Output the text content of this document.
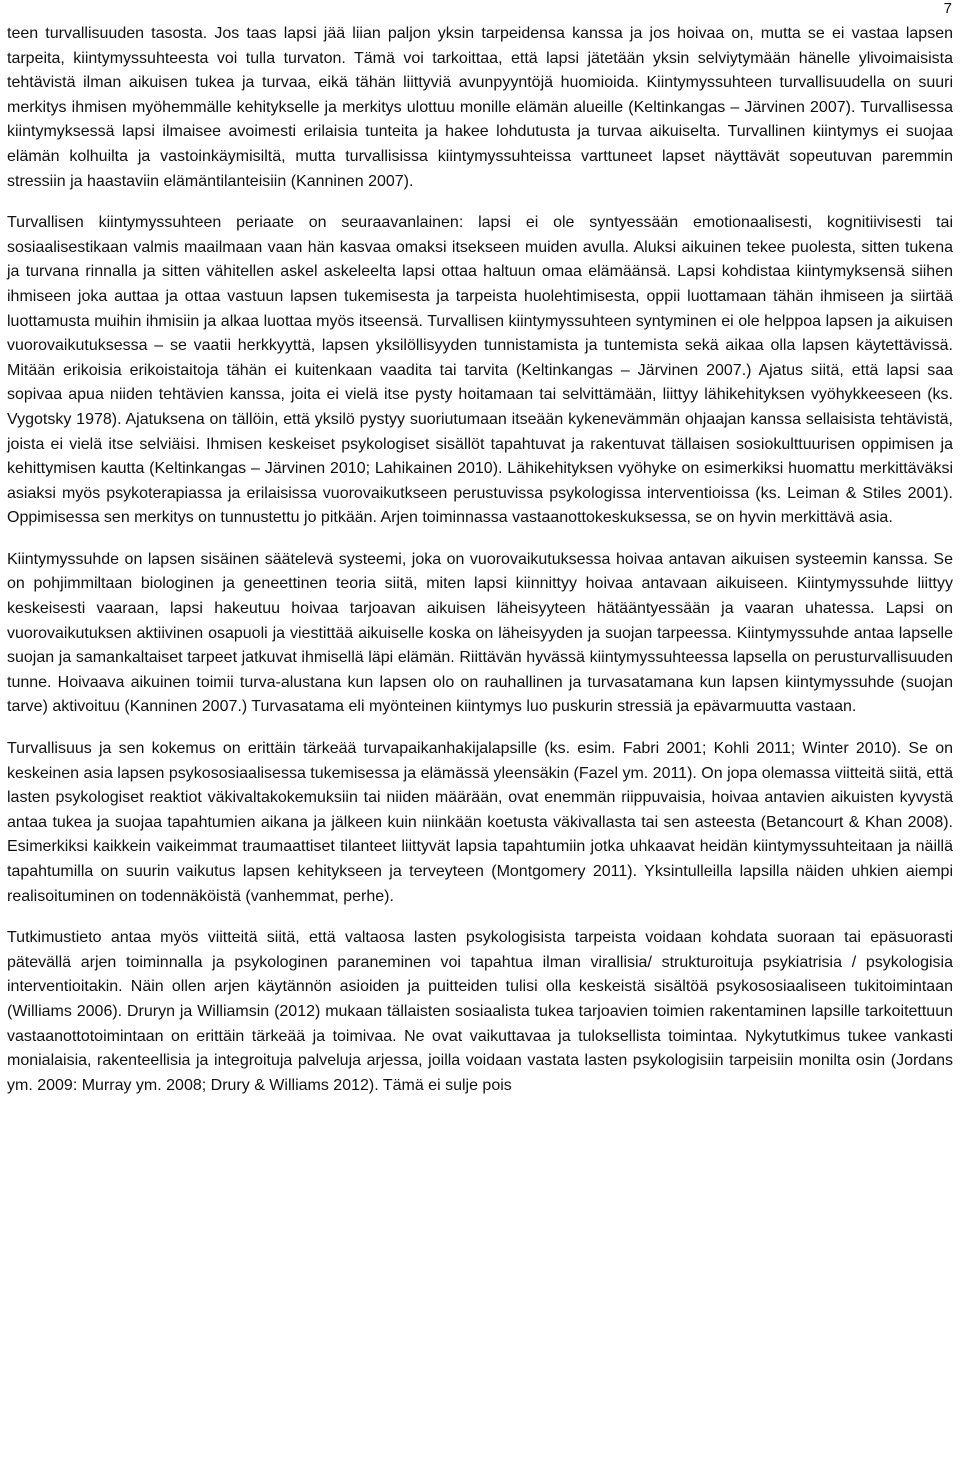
7

teen turvallisuuden tasosta. Jos taas lapsi jää liian paljon yksin tarpeidensa kanssa ja jos hoivaa on, mutta se ei vastaa lapsen tarpeita, kiintymyssuhteesta voi tulla turvaton. Tämä voi tarkoittaa, että lapsi jätetään yksin selviytymään hänelle ylivoimaisista tehtävistä ilman aikuisen tukea ja turvaa, eikä tähän liittyviä avunpyyntöjä huomioida. Kiintymyssuhteen turvallisuudella on suuri merkitys ihmisen myöhemmälle kehitykselle ja merkitys ulottuu monille elämän alueille (Keltinkangas – Järvinen 2007). Turvallisessa kiintymyksessä lapsi ilmaisee avoimesti erilaisia tunteita ja hakee lohdutusta ja turvaa aikuiselta. Turvallinen kiintymys ei suojaa elämän kolhuilta ja vastoinkäymisiltä, mutta turvallisissa kiintymyssuhteissa varttuneet lapset näyttävät sopeutuvan paremmin stressiin ja haastaviin elämäntilanteisiin (Kanninen 2007).

Turvallisen kiintymyssuhteen periaate on seuraavanlainen: lapsi ei ole syntyessään emotionaalisesti, kognitiivisesti tai sosiaalisestikaan valmis maailmaan vaan hän kasvaa omaksi itsekseen muiden avulla. Aluksi aikuinen tekee puolesta, sitten tukena ja turvana rinnalla ja sitten vähitellen askel askeleelta lapsi ottaa haltuun omaa elämäänsä. Lapsi kohdistaa kiintymyksensä siihen ihmiseen joka auttaa ja ottaa vastuun lapsen tukemisesta ja tarpeista huolehtimisesta, oppii luottamaan tähän ihmiseen ja siirtää luottamusta muihin ihmisiin ja alkaa luottaa myös itseensä. Turvallisen kiintymyssuhteen syntyminen ei ole helppoa lapsen ja aikuisen vuorovaikutuksessa – se vaatii herkkyyttä, lapsen yksilöllisyyden tunnistamista ja tuntemista sekä aikaa olla lapsen käytettävissä. Mitään erikoisia erikoistaitoja tähän ei kuitenkaan vaadita tai tarvita (Keltinkangas – Järvinen 2007.) Ajatus siitä, että lapsi saa sopivaa apua niiden tehtävien kanssa, joita ei vielä itse pysty hoitamaan tai selvittämään, liittyy lähikehityksen vyöhykkeeseen (ks. Vygotsky 1978). Ajatuksena on tällöin, että yksilö pystyy suoriutumaan itseään kykenevämmän ohjaajan kanssa sellaisista tehtävistä, joista ei vielä itse selviäisi. Ihmisen keskeiset psykologiset sisällöt tapahtuvat ja rakentuvat tällaisen sosiokulttuurisen oppimisen ja kehittymisen kautta (Keltinkangas – Järvinen 2010; Lahikainen 2010). Lähikehityksen vyöhyke on esimerkiksi huomattu merkittäväksi asiaksi myös psykoterapiassa ja erilaisissa vuorovaikutkseen perustuvissa psykologissa interventioissa (ks. Leiman & Stiles 2001). Oppimisessa sen merkitys on tunnustettu jo pitkään. Arjen toiminnassa vastaanottokeskuksessa, se on hyvin merkittävä asia.

Kiintymyssuhde on lapsen sisäinen säätelevä systeemi, joka on vuorovaikutuksessa hoivaa antavan aikuisen systeemin kanssa. Se on pohjimmiltaan biologinen ja geneettinen teoria siitä, miten lapsi kiinnittyy hoivaa antavaan aikuiseen. Kiintymyssuhde liittyy keskeisesti vaaraan, lapsi hakeutuu hoivaa tarjoavan aikuisen läheisyyteen hätääntyessään ja vaaran uhatessa. Lapsi on vuorovaikutuksen aktiivinen osapuoli ja viestittää aikuiselle koska on läheisyyden ja suojan tarpeessa. Kiintymyssuhde antaa lapselle suojan ja samankaltaiset tarpeet jatkuvat ihmisellä läpi elämän. Riittävän hyvässä kiintymyssuhteessa lapsella on perusturvallisuuden tunne. Hoivaava aikuinen toimii turva-alustana kun lapsen olo on rauhallinen ja turvasatamana kun lapsen kiintymyssuhde (suojan tarve) aktivoituu (Kanninen 2007.) Turvasatama eli myönteinen kiintymys luo puskurin stressiä ja epävarmuutta vastaan.

Turvallisuus ja sen kokemus on erittäin tärkeää turvapaikanhakijalapsille (ks. esim. Fabri 2001; Kohli 2011; Winter 2010). Se on keskeinen asia lapsen psykososiaalisessa tukemisessa ja elämässä yleensäkin (Fazel ym. 2011). On jopa olemassa viitteitä siitä, että lasten psykologiset reaktiot väkivaltakokemuksiin tai niiden määrään, ovat enemmän riippuvaisia, hoivaa antavien aikuisten kyvystä antaa tukea ja suojaa tapahtumien aikana ja jälkeen kuin niinkään koetusta väkivallasta tai sen asteesta (Betancourt & Khan 2008). Esimerkiksi kaikkein vaikeimmat traumaattiset tilanteet liittyvät lapsia tapahtumiin jotka uhkaavat heidän kiintymyssuhteitaan ja näillä tapahtumilla on suurin vaikutus lapsen kehitykseen ja terveyteen (Montgomery 2011). Yksintulleilla lapsilla näiden uhkien aiempi realisoituminen on todennäköistä (vanhemmat, perhe).

Tutkimustieto antaa myös viitteitä siitä, että valtaosa lasten psykologisista tarpeista voidaan kohdata suoraan tai epäsuorasti pätevällä arjen toiminnalla ja psykologinen paraneminen voi tapahtua ilman virallisia/ strukturoituja psykiatrisia / psykologisia interventioitakin. Näin ollen arjen käytännön asioiden ja puitteiden tulisi olla keskeistä sisältöä psykososiaaliseen tukitoimintaan (Williams 2006). Druryn ja Williamsin (2012) mukaan tällaisten sosiaalista tukea tarjoavien toimien rakentaminen lapsille tarkoitettuun vastaanottotoimintaan on erittäin tärkeää ja toimivaa. Ne ovat vaikuttavaa ja tuloksellista toimintaa. Nykytutkimus tukee vankasti monialaisia, rakenteellisia ja integroituja palveluja arjessa, joilla voidaan vastata lasten psykologisiin tarpeisiin monilta osin (Jordans ym. 2009: Murray ym. 2008; Drury & Williams 2012). Tämä ei sulje pois
